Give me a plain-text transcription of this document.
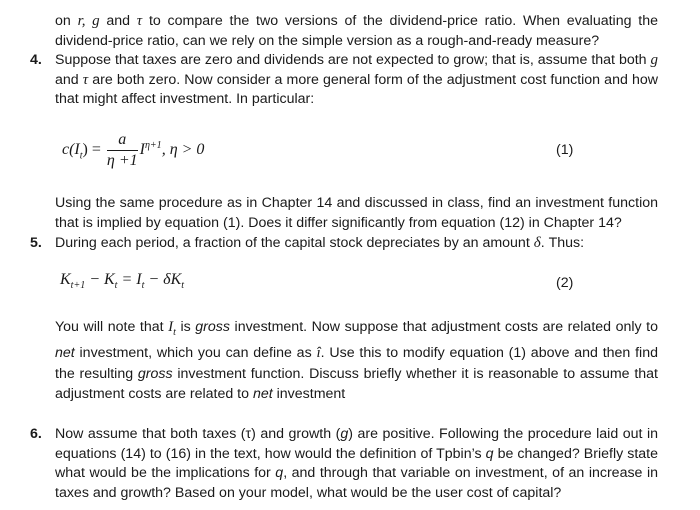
on r, g and τ to compare the two versions of the dividend-price ratio. When evaluating the dividend-price ratio, can we rely on the simple version as a rough-and-ready measure?

4. Suppose that taxes are zero and dividends are not expected to grow; that is, assume that both g and τ are both zero. Now consider a more general form of the adjustment cost function and how that might affect investment. In particular:

$c(I_t) = \frac{a}{\eta +1} I^{\eta+1}$, η > 0	(1)

Using the same procedure as in Chapter 14 and discussed in class, find an investment function that is implied by equation (1). Does it differ significantly from equation (12) in Chapter 14?

5. During each period, a fraction of the capital stock depreciates by an amount δ. Thus:

$K_{t+1} - K_t = I_t - \delta K_t$	(2)

You will note that $I_t$ is gross investment. Now suppose that adjustment costs are related only to net investment, which you can define as î. Use this to modify equation (1) above and then find the resulting gross investment function. Discuss briefly whether it is reasonable to assume that adjustment costs are related to net investment

6. Now assume that both taxes (τ) and growth (g) are positive. Following the procedure laid out in equations (14) to (16) in the text, how would the definition of Tpbin’s q be changed? Briefly state what would be the implications for q, and through that variable on investment, of an increase in taxes and growth? Based on your model, what would be the user cost of capital?
